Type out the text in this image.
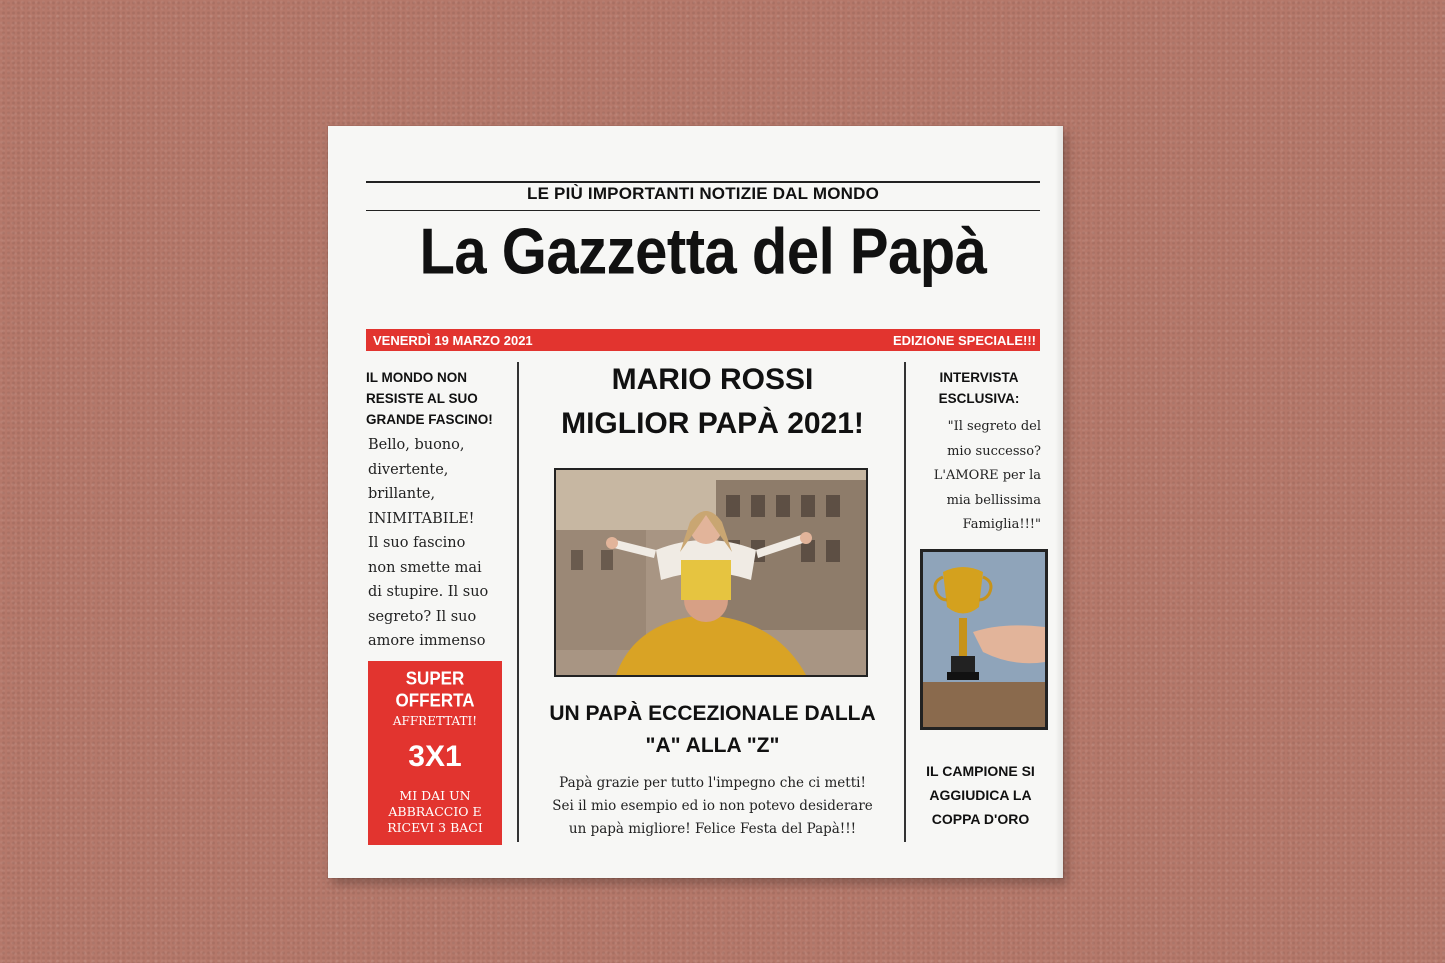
LE PIÙ IMPORTANTI NOTIZIE DAL MONDO
La Gazzetta del Papà
VENERDÌ 19 MARZO 2021	EDIZIONE SPECIALE!!!
IL MONDO NON RESISTE AL SUO GRANDE FASCINO!
Bello, buono,
divertente,
brillante,
INIMITABILE!
Il suo fascino
non smette mai
di stupire. Il suo
segreto? Il suo
amore immenso
SUPER OFFERTA
AFFRETTATI!
3X1
MI DAI UN
ABBRACCIO E
RICEVI 3 BACI
MARIO ROSSI
MIGLIOR PAPÀ 2021!
UN PAPÀ ECCEZIONALE DALLA
"A" ALLA "Z"
Papà grazie per tutto l'impegno che ci metti!
Sei il mio esempio ed io non potevo desiderare
un papà migliore! Felice Festa del Papà!!!
INTERVISTA
ESCLUSIVA:
"Il segreto del
mio successo?
L'AMORE per la
mia bellissima
Famiglia!!!"
IL CAMPIONE SI
AGGIUDICA LA
COPPA D'ORO
